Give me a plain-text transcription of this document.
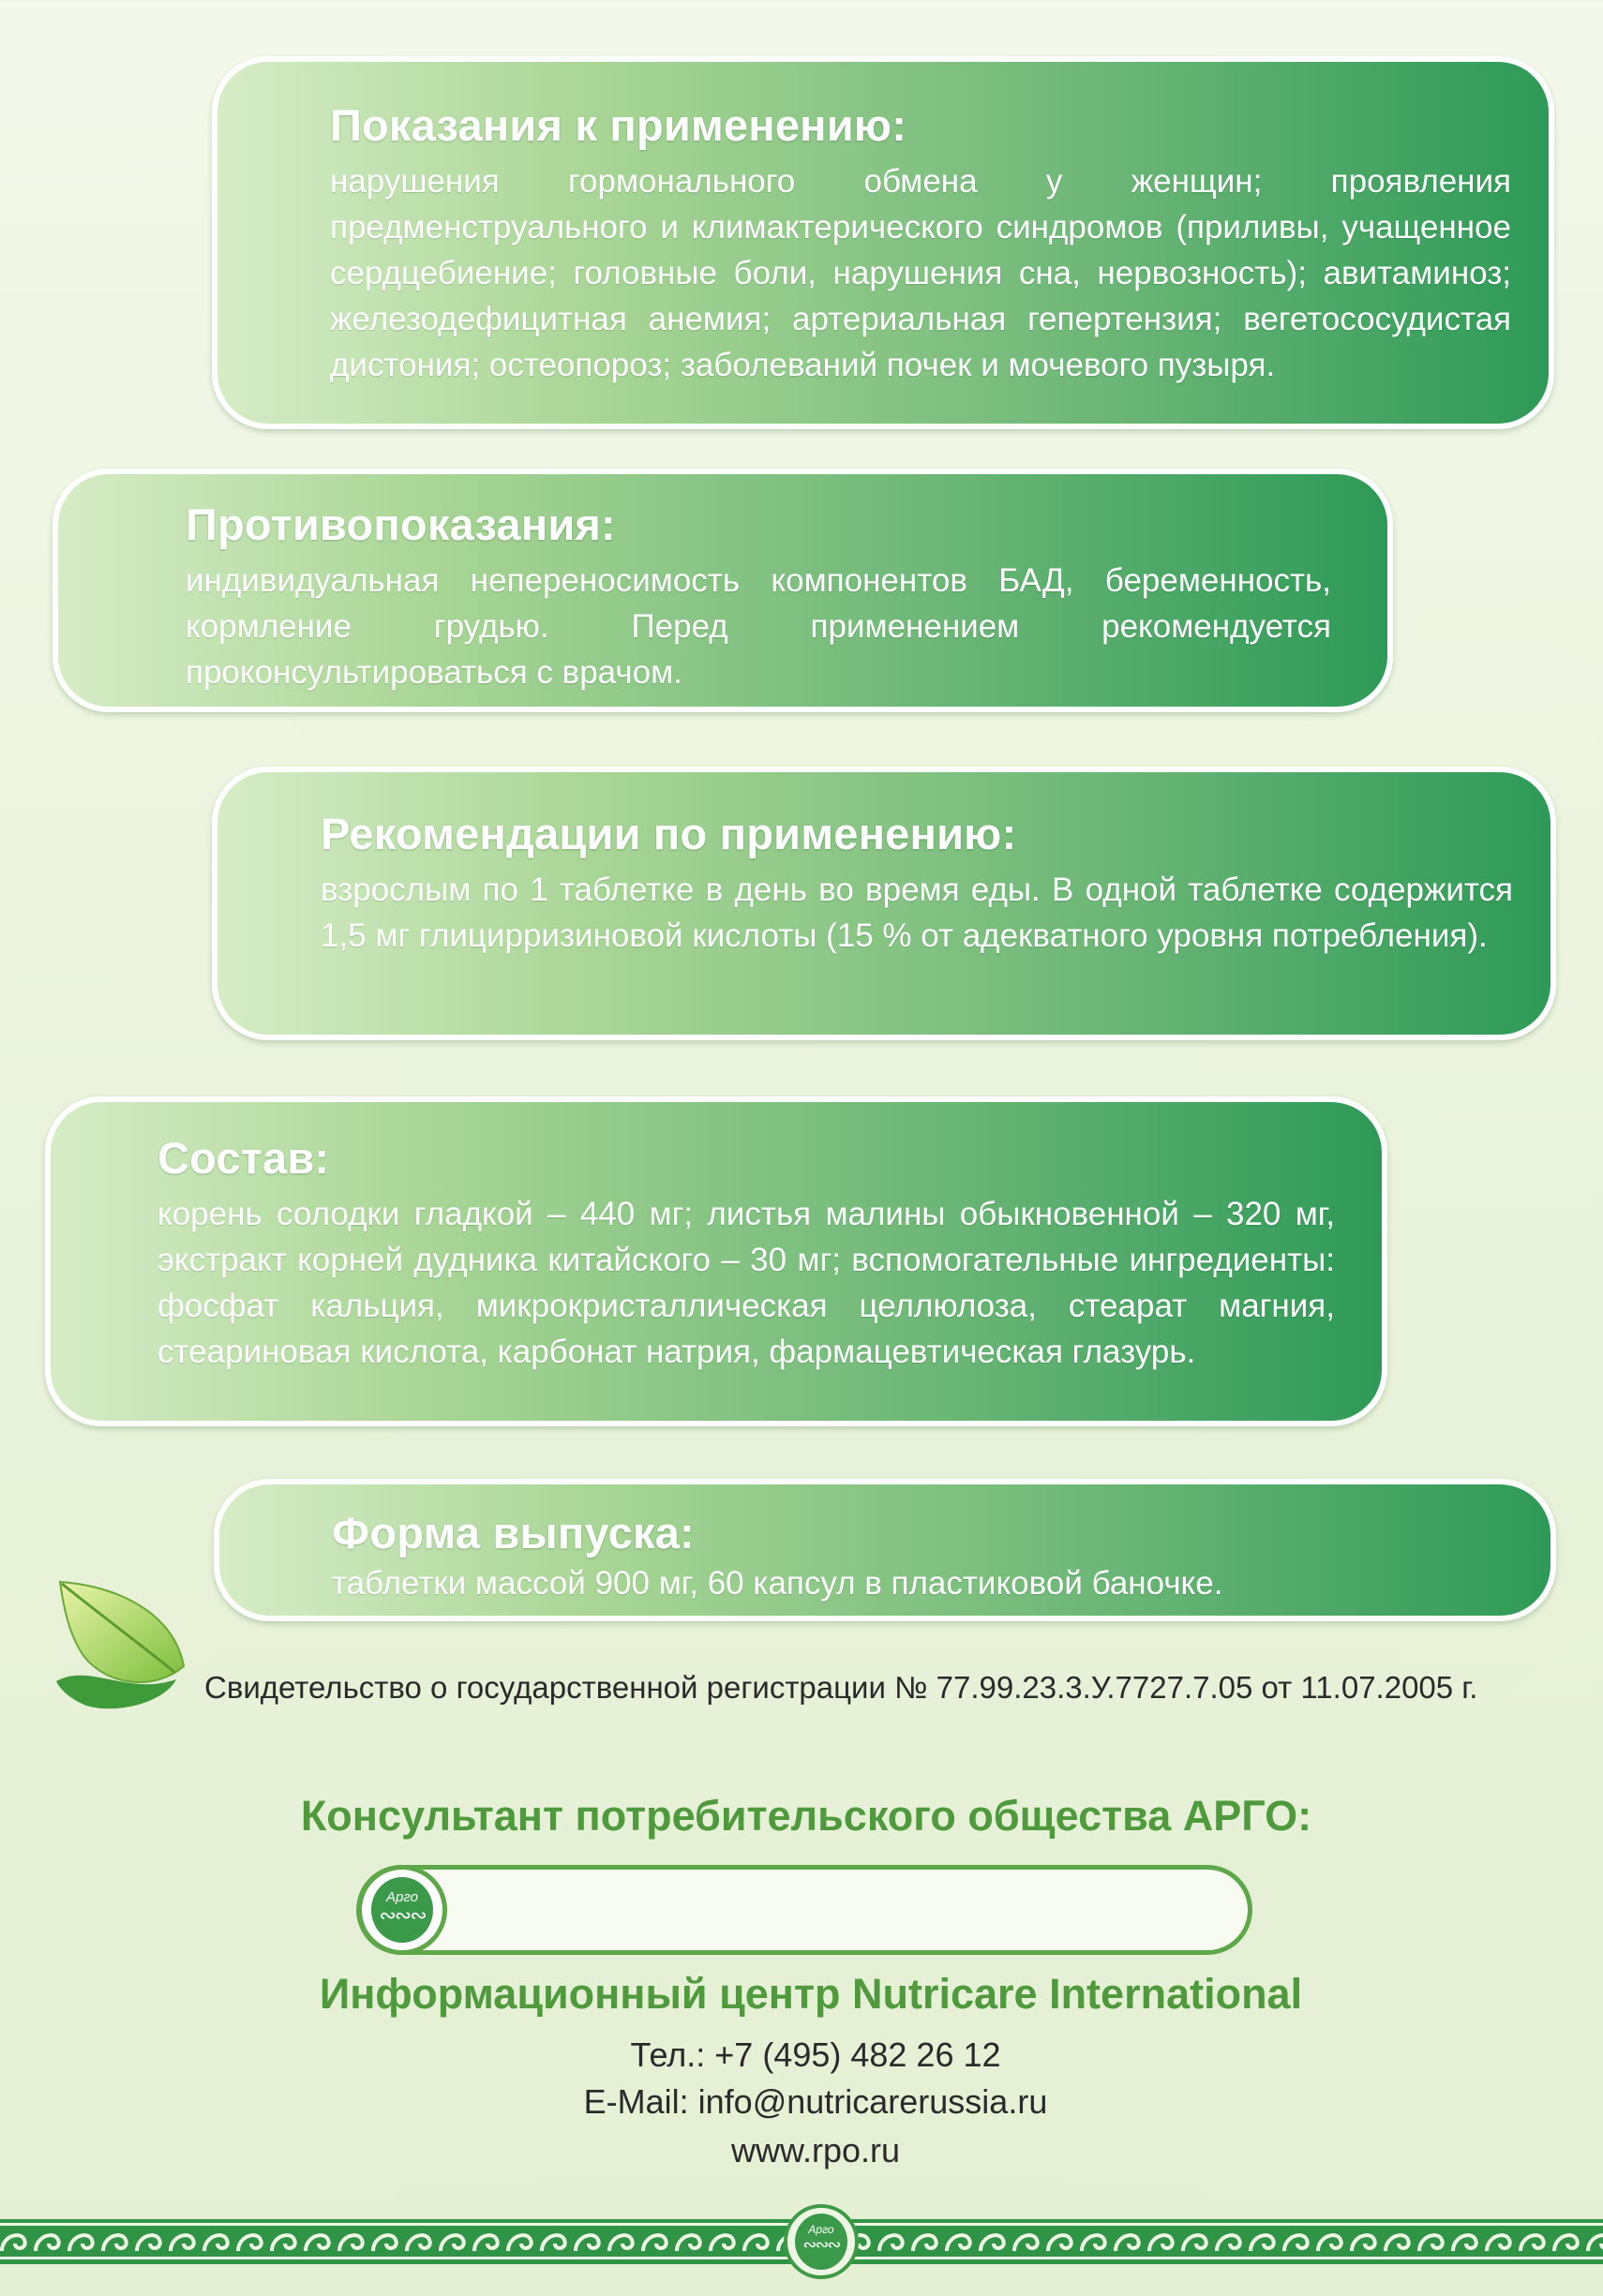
Показания к применению:

нарушения гормонального обмена у женщин; проявления предменструального и климактерического синдромов (приливы, учащенное сердцебиение; головные боли, нарушения сна, нервозность); авитаминоз; железодефицитная анемия; артериальная гепертензия; вегетососудистая дистония; остеопороз; заболеваний почек и мочевого пузыря.

Противопоказания:

индивидуальная непереносимость компонентов БАД, беременность, кормление грудью. Перед применением рекомендуется проконсультироваться с врачом.

Рекомендации по применению:

взрослым по 1 таблетке в день во время еды. В одной таблетке содержится 1,5 мг глицирризиновой кислоты (15 % от адекватного уровня потребления).

Состав:

корень солодки гладкой – 440 мг; листья малины обыкновенной – 320 мг, экстракт корней дудника китайского – 30 мг; вспомогательные ингредиенты: фосфат кальция, микрокристаллическая целлюлоза, стеарат магния, стеариновая кислота, карбонат натрия, фармацевтическая глазурь.

Форма выпуска:

таблетки массой 900 мг, 60 капсул в пластиковой баночке.

Свидетельство о государственной регистрации № 77.99.23.3.У.7727.7.05 от 11.07.2005 г.
Консультант потребительского общества АРГО:
Арго
∾∾∾
Информационный центр Nutricare International
Тел.: +7 (495) 482 26 12
E-Mail: info@nutricarerussia.ru
www.rpo.ru
Арго
∾∾∾
